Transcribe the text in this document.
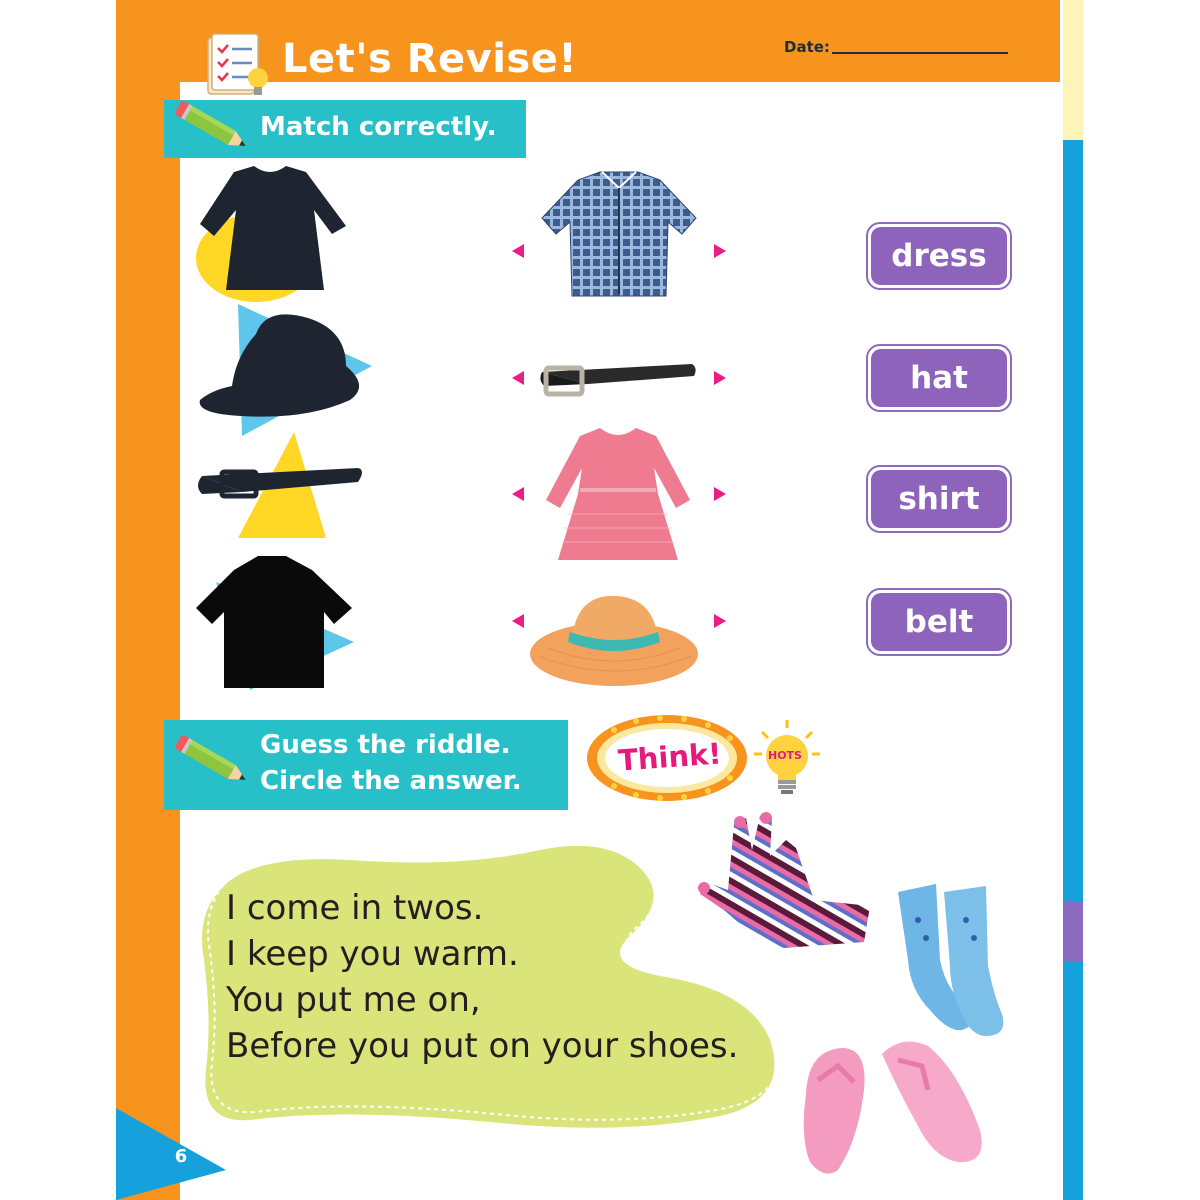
6
Let's Revise!	Date:
Match correctly.
dress
hat
shirt
belt
Guess the riddle.
Circle the answer.
Think!	HOTS
I come in twos.
I keep you warm.
You put me on,
Before you put on your shoes.
